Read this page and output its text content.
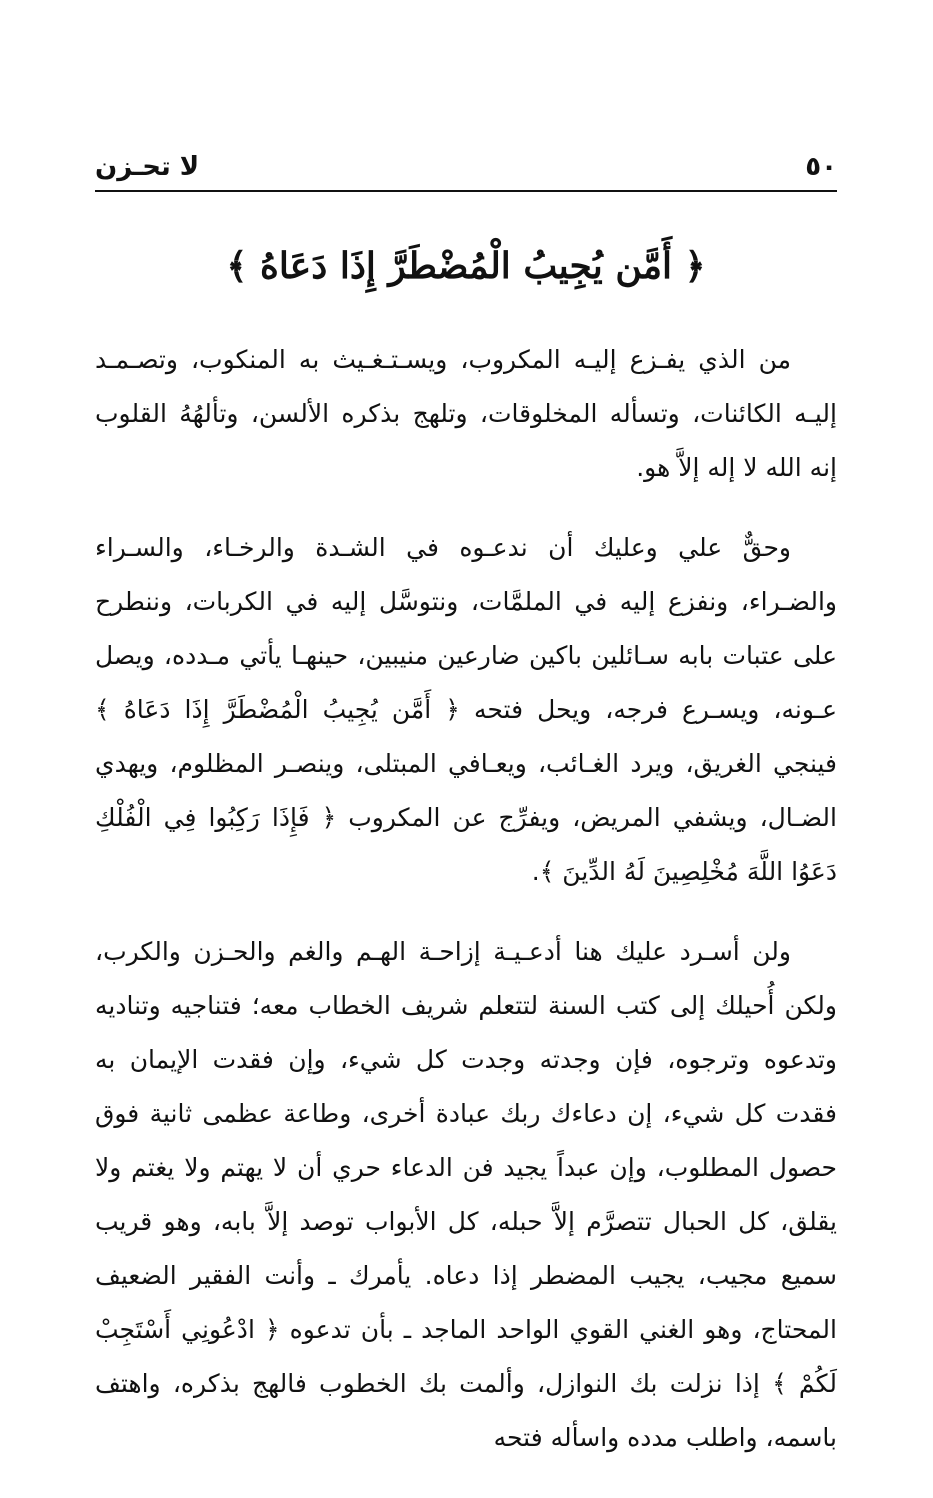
٥٠
لا تحـزن
﴿ أَمَّن يُجِيبُ الْمُضْطَرَّ إِذَا دَعَاهُ ﴾

من الذي يفـزع إليـه المكروب، ويسـتـغـيث به المنكوب، وتصـمـد إليـه الكائنات، وتسأله المخلوقات، وتلهج بذكره الألسن، وتألهُهُ القلوب إنه الله لا إله إلاَّ هو.

وحقٌّ علي وعليك أن ندعـوه في الشـدة والرخـاء، والسـراء والضـراء، ونفزع إليه في الملمَّات، ونتوسَّل إليه في الكربات، وننطرح على عتبات بابه سـائلين باكين ضارعين منيبين، حينهـا يأتي مـدده، ويصل عـونه، ويسـرع فرجه، ويحل فتحه ﴿ أَمَّن يُجِيبُ الْمُضْطَرَّ إِذَا دَعَاهُ ﴾ فينجي الغريق، ويرد الغـائب، ويعـافي المبتلى، وينصـر المظلوم، ويهدي الضـال، ويشفي المريض، ويفرِّج عن المكروب ﴿ فَإِذَا رَكِبُوا فِي الْفُلْكِ دَعَوُا اللَّهَ مُخْلِصِينَ لَهُ الدِّينَ ﴾.

ولن أسـرد عليك هنا أدعـيـة إزاحـة الهـم والغم والحـزن والكرب، ولكن أُحيلك إلى كتب السنة لتتعلم شريف الخطاب معه؛ فتناجيه وتناديه وتدعوه وترجوه، فإن وجدته وجدت كل شيء، وإن فقدت الإيمان به فقدت كل شيء، إن دعاءك ربك عبادة أخرى، وطاعة عظمى ثانية فوق حصول المطلوب، وإن عبداً يجيد فن الدعاء حري أن لا يهتم ولا يغتم ولا يقلق، كل الحبال تتصرَّم إلاَّ حبله، كل الأبواب توصد إلاَّ بابه، وهو قريب سميع مجيب، يجيب المضطر إذا دعاه. يأمرك ـ وأنت الفقير الضعيف المحتاج، وهو الغني القوي الواحد الماجد ـ بأن تدعوه ﴿ ادْعُونِي أَسْتَجِبْ لَكُمْ ﴾ إذا نزلت بك النوازل، وألمت بك الخطوب فالهج بذكره، واهتف باسمه، واطلب مدده واسأله فتحه
